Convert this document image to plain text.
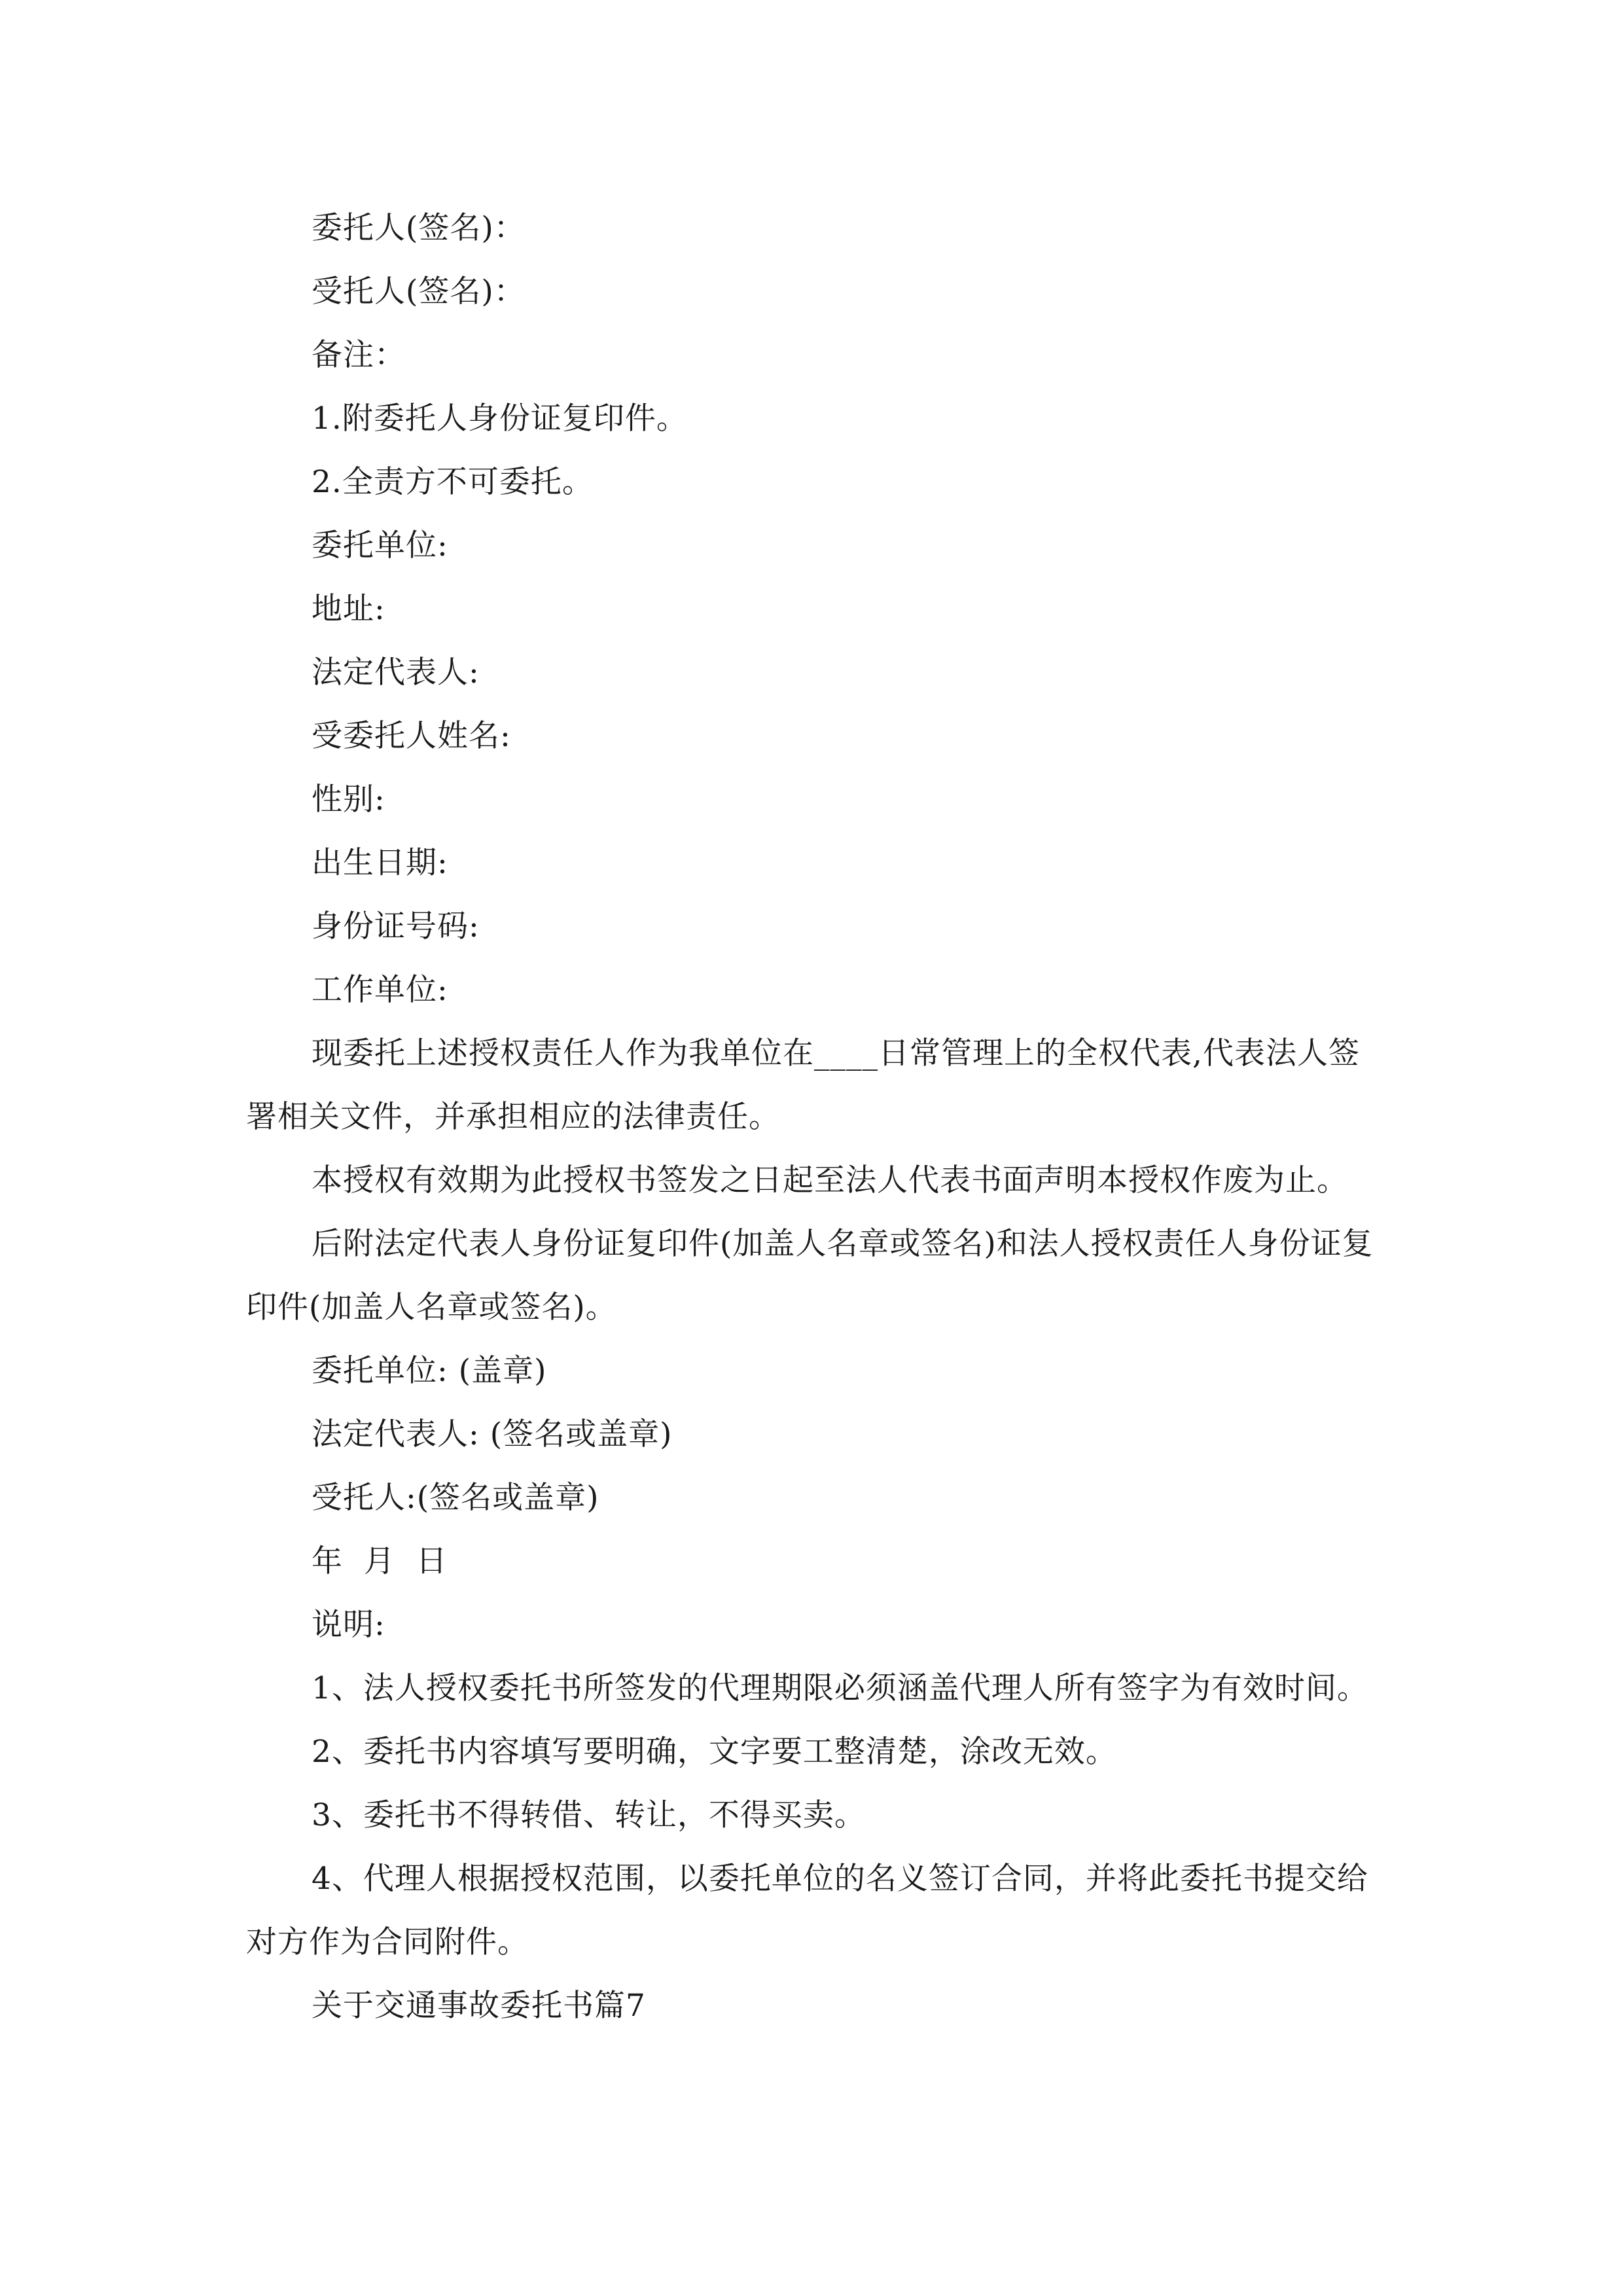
委托人(签名)：

受托人(签名)：

备注：

1.附委托人身份证复印件。

2.全责方不可委托。

委托单位:

地址:

法定代表人:

受委托人姓名:

性别:

出生日期:

身份证号码:

工作单位:

现委托上述授权责任人作为我单位在____日常管理上的全权代表,代表法人签署相关文件，并承担相应的法律责任。

本授权有效期为此授权书签发之日起至法人代表书面声明本授权作废为止。

后附法定代表人身份证复印件(加盖人名章或签名)和法人授权责任人身份证复印件(加盖人名章或签名)。

委托单位: (盖章)

法定代表人: (签名或盖章)

受托人:(签名或盖章)

年  月  日

说明:

1、法人授权委托书所签发的代理期限必须涵盖代理人所有签字为有效时间。

2、委托书内容填写要明确，文字要工整清楚，涂改无效。

3、委托书不得转借、转让，不得买卖。

4、代理人根据授权范围，以委托单位的名义签订合同，并将此委托书提交给对方作为合同附件。

关于交通事故委托书篇7
